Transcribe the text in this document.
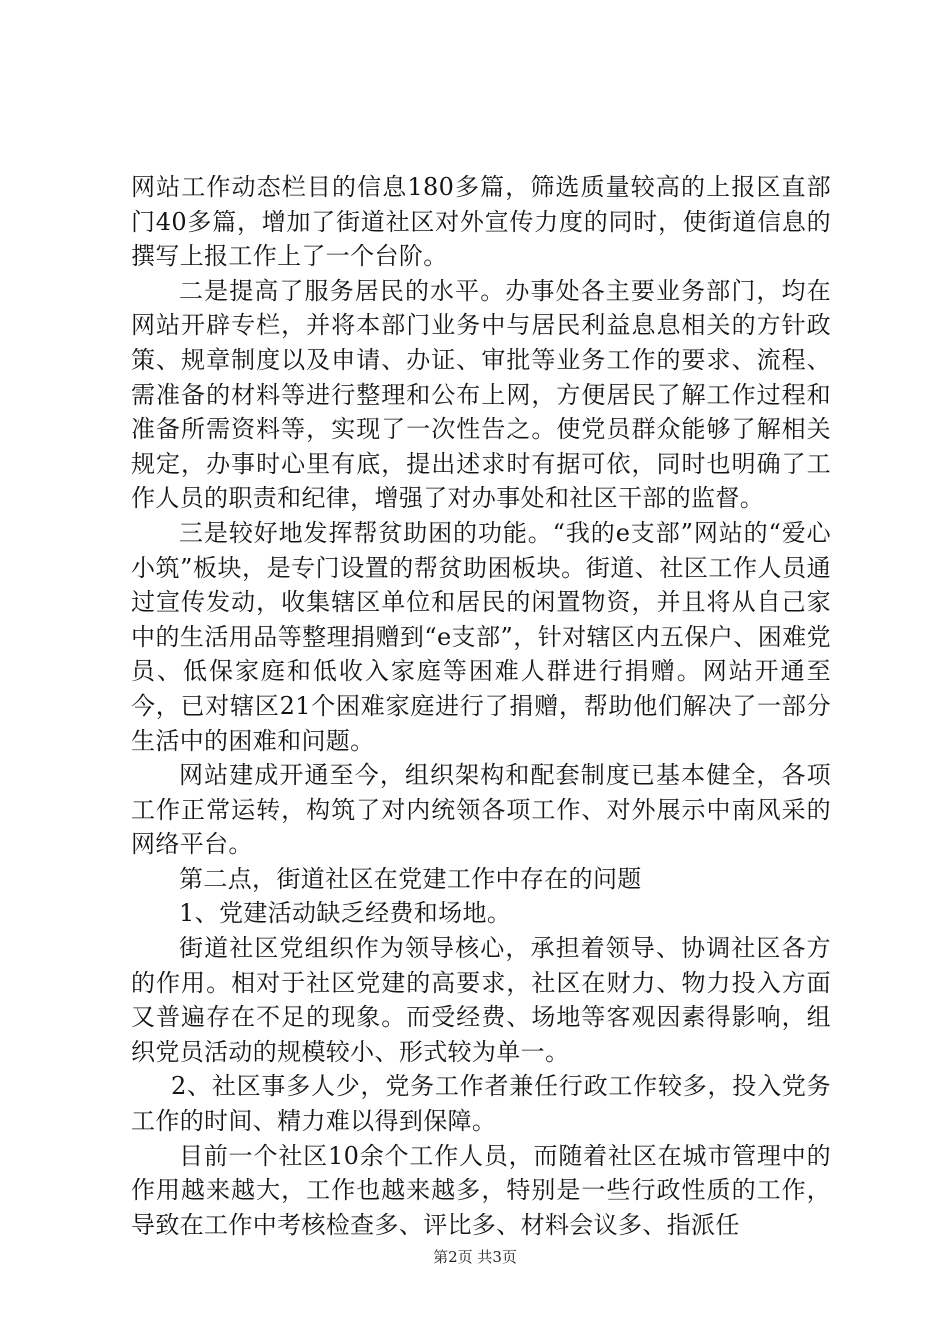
网站工作动态栏目的信息180多篇，筛选质量较高的上报区直部门40多篇，增加了街道社区对外宣传力度的同时，使街道信息的撰写上报工作上了一个台阶。

二是提高了服务居民的水平。办事处各主要业务部门，均在网站开辟专栏，并将本部门业务中与居民利益息息相关的方针政策、规章制度以及申请、办证、审批等业务工作的要求、流程、需准备的材料等进行整理和公布上网，方便居民了解工作过程和准备所需资料等，实现了一次性告之。使党员群众能够了解相关规定，办事时心里有底，提出述求时有据可依，同时也明确了工作人员的职责和纪律，增强了对办事处和社区干部的监督。

三是较好地发挥帮贫助困的功能。“我的e支部”网站的“爱心小筑”板块，是专门设置的帮贫助困板块。街道、社区工作人员通过宣传发动，收集辖区单位和居民的闲置物资，并且将从自己家中的生活用品等整理捐赠到“e支部”，针对辖区内五保户、困难党员、低保家庭和低收入家庭等困难人群进行捐赠。网站开通至今，已对辖区21个困难家庭进行了捐赠，帮助他们解决了一部分生活中的困难和问题。

网站建成开通至今，组织架构和配套制度已基本健全，各项工作正常运转，构筑了对内统领各项工作、对外展示中南风采的网络平台。

第二点，街道社区在党建工作中存在的问题

1、党建活动缺乏经费和场地。

街道社区党组织作为领导核心，承担着领导、协调社区各方的作用。相对于社区党建的高要求，社区在财力、物力投入方面又普遍存在不足的现象。而受经费、场地等客观因素得影响，组织党员活动的规模较小、形式较为单一。

2、社区事多人少，党务工作者兼任行政工作较多，投入党务工作的时间、精力难以得到保障。

目前一个社区10余个工作人员，而随着社区在城市管理中的作用越来越大，工作也越来越多，特别是一些行政性质的工作，导致在工作中考核检查多、评比多、材料会议多、指派任

第2页 共3页
